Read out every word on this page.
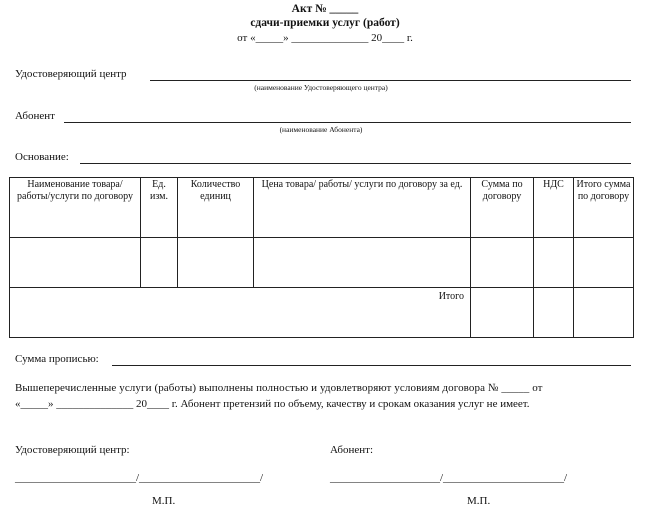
Акт № _____
сдачи-приемки услуг (работ)
от «_____» ______________ 20____ г.
Удостоверяющий центр
(наименование Удостоверяющего центра)
Абонент
(наименование Абонента)
Основание:
Наименование товара/работы/услуги по договору	Ед. изм.	Количество единиц	Цена товара/ работы/ услуги по договору за ед.	Сумма по договору	НДС	Итого сумма по договору

Итого						
Сумма прописью:
Вышеперечисленные услуги (работы) выполнены полностью и удовлетворяют условиям договора № _____ от
«_____» ______________ 20____ г. Абонент претензий по объему, качеству и срокам оказания услуг не имеет.
Удостоверяющий центр:	Абонент:
______________________/______________________/	____________________/______________________/
М.П.	М.П.
